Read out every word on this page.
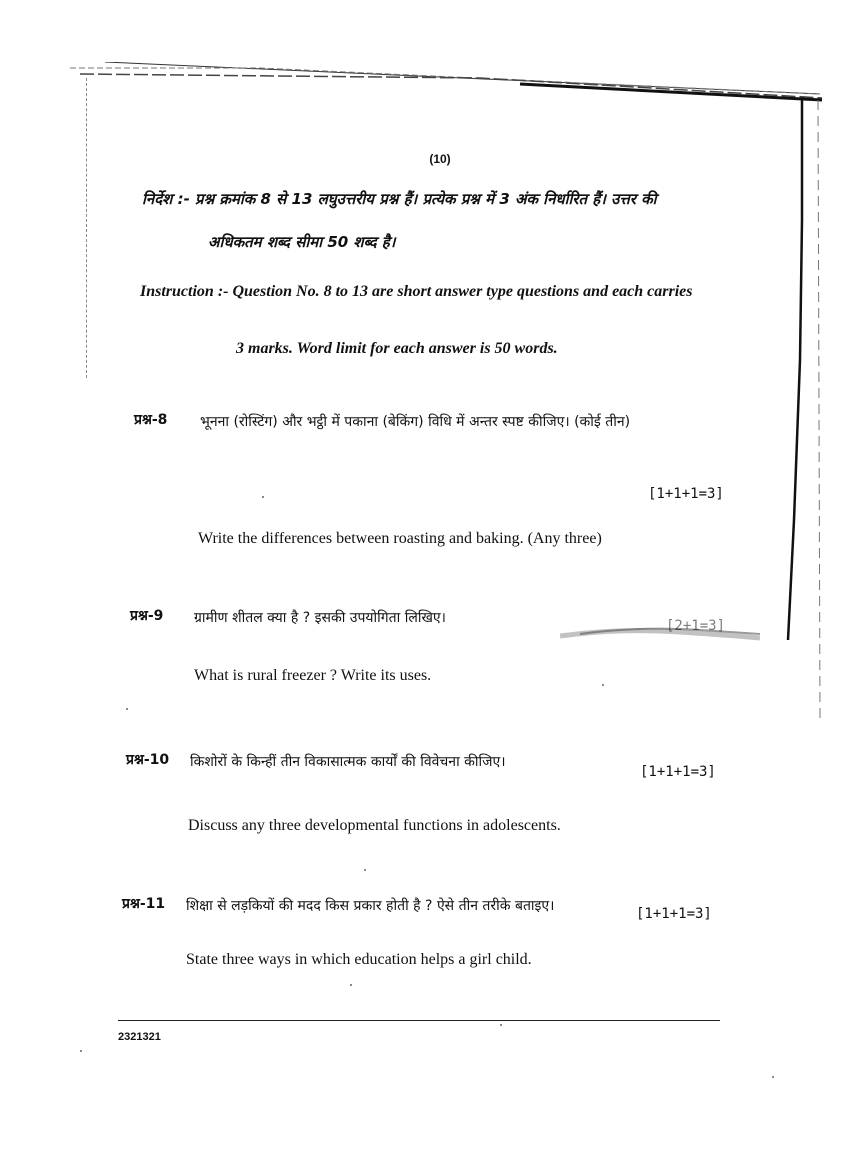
(10)
निर्देश :- प्रश्न क्रमांक 8 से 13 लघुउत्तरीय प्रश्न हैं। प्रत्येक प्रश्न में 3 अंक निर्धारित हैं। उत्तर की
अधिकतम शब्द सीमा 50 शब्द है।
Instruction :- Question No. 8 to 13 are short answer type questions and each carries
3 marks. Word limit for each answer is 50 words.
प्रश्न-8 भूनना (रोस्टिंग) और भट्ठी में पकाना (बेकिंग) विधि में अन्तर स्पष्ट कीजिए। (कोई तीन)
[1+1+1=3]
Write the differences between roasting and baking. (Any three)
प्रश्न-9 ग्रामीण शीतल क्या है ? इसकी उपयोगिता लिखिए।	[2+1=3]
What is rural freezer ? Write its uses.
प्रश्न-10 किशोरों के किन्हीं तीन विकासात्मक कार्यों की विवेचना कीजिए।
[1+1+1=3]
Discuss any three developmental functions in adolescents.
प्रश्न-11 शिक्षा से लड़कियों की मदद किस प्रकार होती है ? ऐसे तीन तरीके बताइए।	[1+1+1=3]
State three ways in which education helps a girl child.
2321321
